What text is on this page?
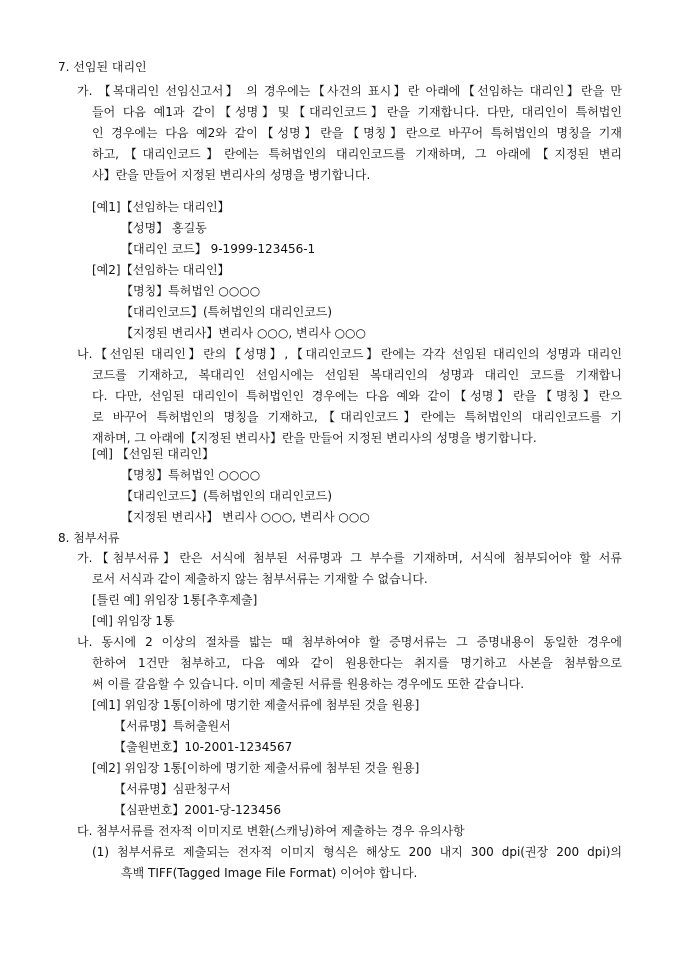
7. 선임된 대리인
가. 【복대리인 선임신고서】 의 경우에는【사건의 표시】란 아래에【선임하는 대리인】란을 만
들어 다음 예1과 같이【성명】및【대리인코드】란을 기재합니다. 다만, 대리인이 특허법인
인 경우에는 다음 예2와 같이【성명】란을【명칭】란으로 바꾸어 특허법인의 명칭을 기재
하고,【대리인코드】란에는 특허법인의 대리인코드를 기재하며, 그 아래에【지정된 변리
사】란을 만들어 지정된 변리사의 성명을 병기합니다.
[예1]【선임하는 대리인】
【성명】 홍길동
【대리인 코드】 9-1999-123456-1
[예2]【선임하는 대리인】
【명칭】특허법인 ○○○○
【대리인코드】(특허법인의 대리인코드)
【지정된 변리사】변리사 ○○○, 변리사 ○○○
나.【선임된 대리인】란의【성명】,【대리인코드】란에는 각각 선임된 대리인의 성명과 대리인
코드를 기재하고, 복대리인 선임시에는 선임된 복대리인의 성명과 대리인 코드를 기재합니
다. 다만, 선임된 대리인이 특허법인인 경우에는 다음 예와 같이【성명】란을【명칭】란으
로 바꾸어 특허법인의 명칭을 기재하고,【대리인코드】란에는 특허법인의 대리인코드를 기
재하며, 그 아래에【지정된 변리사】란을 만들어 지정된 변리사의 성명을 병기합니다.
[예] 【선임된 대리인】
【명칭】특허법인 ○○○○
【대리인코드】(특허법인의 대리인코드)
【지정된 변리사】 변리사 ○○○, 변리사 ○○○
8. 첨부서류
가.【첨부서류】란은 서식에 첨부된 서류명과 그 부수를 기재하며, 서식에 첨부되어야 할 서류
로서 서식과 같이 제출하지 않는 첨부서류는 기재할 수 없습니다.
[틀린 예] 위임장 1통[추후제출]
[예] 위임장 1통
나. 동시에 2 이상의 절차를 밟는 때 첨부하여야 할 증명서류는 그 증명내용이 동일한 경우에
한하여 1건만 첨부하고, 다음 예와 같이 원용한다는 취지를 명기하고 사본을 첨부함으로
써 이를 갈음할 수 있습니다. 이미 제출된 서류를 원용하는 경우에도 또한 같습니다.
[예1] 위임장 1통[이하에 명기한 제출서류에 첨부된 것을 원용]
【서류명】특허출원서
【출원번호】10-2001-1234567
[예2] 위임장 1통[이하에 명기한 제출서류에 첨부된 것을 원용]
【서류명】심판청구서
【심판번호】2001-당-123456
다. 첨부서류를 전자적 이미지로 변환(스캐닝)하여 제출하는 경우 유의사항
(1) 첨부서류로 제출되는 전자적 이미지 형식은 해상도 200 내지 300 dpi(권장 200 dpi)의
흑백 TIFF(Tagged Image File Format) 이어야 합니다.
